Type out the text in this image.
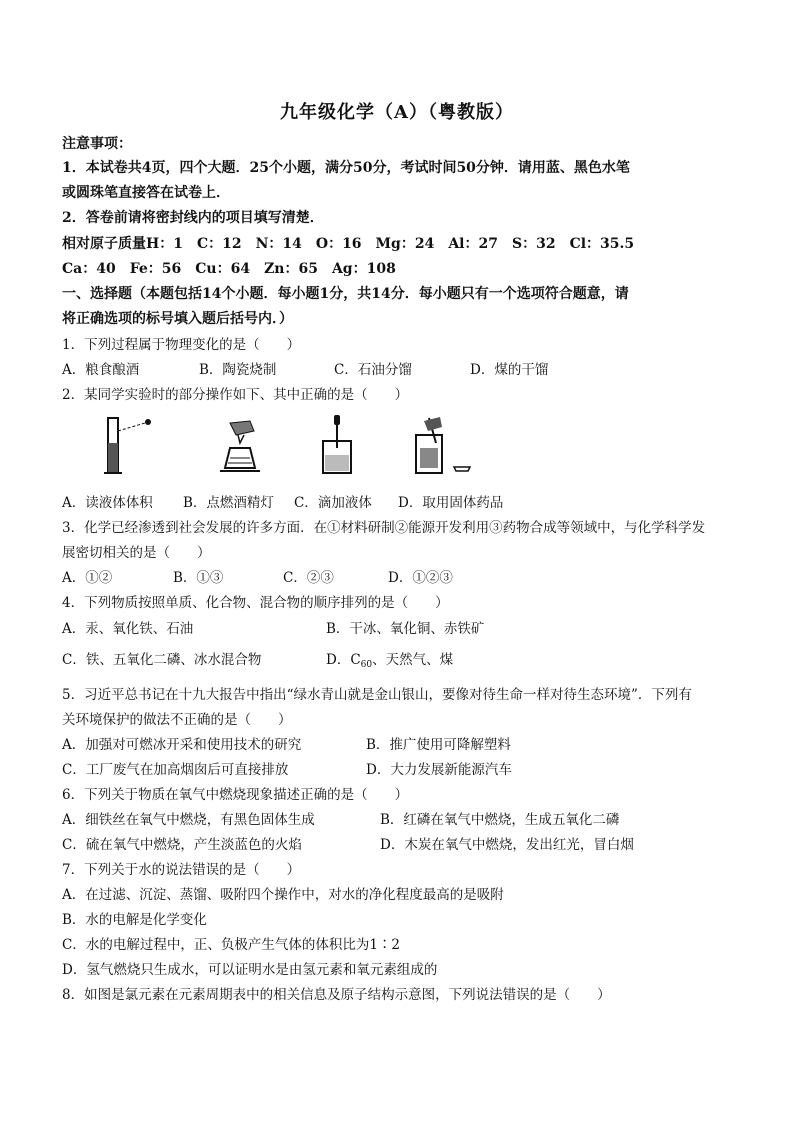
九年级化学（A）（粤教版）
注意事项：
1．本试卷共4页，四个大题．25个小题，满分50分，考试时间50分钟．请用蓝、黑色水笔
或圆珠笔直接答在试卷上．
2．答卷前请将密封线内的项目填写清楚．
相对原子质量H：1　C：12　N：14　O：16　Mg：24　Al：27　S：32　Cl：35.5
Ca：40　Fe：56　Cu：64　Zn：65　Ag：108
一、选择题（本题包括14个小题．每小题1分，共14分．每小题只有一个选项符合题意，请
将正确选项的标号填入题后括号内．）
1．下列过程属于物理变化的是（　　）
A．粮食酿酒	B．陶瓷烧制	C．石油分馏	D．煤的干馏
2．某同学实验时的部分操作如下、其中正确的是（　　）
A．读液体体积 B．点燃酒精灯 C．滴加液体 D．取用固体药品
3．化学已经渗透到社会发展的许多方面．在①材料研制②能源开发利用③药物合成等领域中，与化学科学发
展密切相关的是（　　）
A．①②	B．①③	C．②③	D．①②③
4．下列物质按照单质、化合物、混合物的顺序排列的是（　　）
A．汞、氧化铁、石油	B．干冰、氧化铜、赤铁矿
C．铁、五氧化二磷、冰水混合物	D．$C_{60}$、天然气、煤
5．习近平总书记在十九大报告中指出“绿水青山就是金山银山，要像对待生命一样对待生态环境”．下列有
关环境保护的做法不正确的是（　　）
A．加强对可燃冰开采和使用技术的研究	B．推广使用可降解塑料
C．工厂废气在加高烟囱后可直接排放	D．大力发展新能源汽车
6．下列关于物质在氧气中燃烧现象描述正确的是（　　）
A．细铁丝在氧气中燃烧，有黑色固体生成	B．红磷在氧气中燃烧，生成五氧化二磷
C．硫在氧气中燃烧，产生淡蓝色的火焰	D．木炭在氧气中燃烧，发出红光，冒白烟
7．下列关于水的说法错误的是（　　）
A．在过滤、沉淀、蒸馏、吸附四个操作中，对水的净化程度最高的是吸附
B．水的电解是化学变化
C．水的电解过程中，正、负极产生气体的体积比为1∶2
D．氢气燃烧只生成水，可以证明水是由氢元素和氧元素组成的
8．如图是氯元素在元素周期表中的相关信息及原子结构示意图，下列说法错误的是（　　）
